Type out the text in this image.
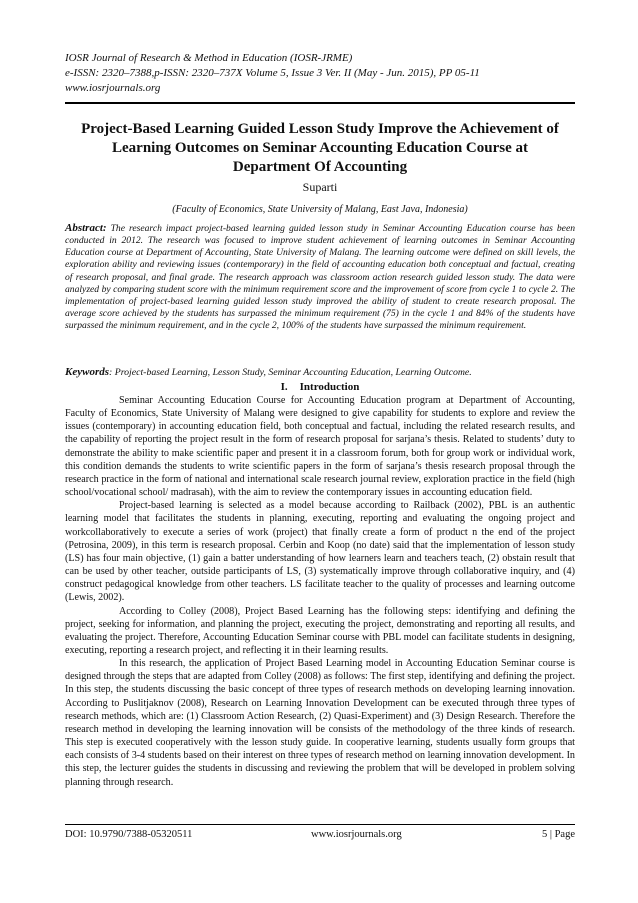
IOSR Journal of Research & Method in Education (IOSR-JRME)
e-ISSN: 2320–7388,p-ISSN: 2320–737X Volume 5, Issue 3 Ver. II (May - Jun. 2015), PP 05-11
www.iosrjournals.org
Project-Based Learning Guided Lesson Study Improve the Achievement of Learning Outcomes on Seminar Accounting Education Course at Department Of Accounting
Suparti
(Faculty of Economics, State University of Malang, East Java, Indonesia)
Abstract: The research impact project-based learning guided lesson study in Seminar Accounting Education course has been conducted in 2012. The research was focused to improve student achievement of learning outcomes in Seminar Accounting Education course at Department of Accounting, State University of Malang. The learning outcome were defined on skill levels, the exploration ability and reviewing issues (contemporary) in the field of accounting education both conceptual and factual, creating of research proposal, and final grade. The research approach was classroom action research guided lesson study. The data were analyzed by comparing student score with the minimum requirement score and the improvement of score from cycle 1 to cycle 2. The implementation of project-based learning guided lesson study improved the ability of student to create research proposal. The average score achieved by the students has surpassed the minimum requirement (75) in the cycle 1 and 84% of the students have surpassed the minimum requirement, and in the cycle 2, 100% of the students have surpassed the minimum requirement.
Keywords: Project-based Learning, Lesson Study, Seminar Accounting Education, Learning Outcome.
I. Introduction

Seminar Accounting Education Course for Accounting Education program at Department of Accounting, Faculty of Economics, State University of Malang were designed to give capability for students to explore and review the issues (contemporary) in accounting education field, both conceptual and factual, including the related research results, and the capability of reporting the project result in the form of research proposal for sarjana’s thesis. Related to students’ duty to demonstrate the ability to make scientific paper and present it in a classroom forum, both for group work or individual work, this condition demands the students to write scientific papers in the form of sarjana’s thesis research proposal through the research practice in the form of national and international scale research journal review, exploration practice in the field (high school/vocational school/ madrasah), with the aim to review the contemporary issues in accounting education field.

Project-based learning is selected as a model because according to Railback (2002), PBL is an authentic learning model that facilitates the students in planning, executing, reporting and evaluating the ongoing project and workcollaboratively to execute a series of work (project) that finally create a form of product n the end of the project (Petrosina, 2009), in this term is research proposal. Cerbin and Koop (no date) said that the implementation of lesson study (LS) has four main objective, (1) gain a batter understanding of how learners learn and teachers teach, (2) obstain result that can be used by other teacher, outside participants of LS, (3) systematically improve through collaborative inquiry, and (4) construct pedagogical knowledge from other teachers. LS facilitate teacher to the quality of processes and learning outcome (Lewis, 2002).

According to Colley (2008), Project Based Learning has the following steps: identifying and defining the project, seeking for information, and planning the project, executing the project, demonstrating and reporting all results, and evaluating the project. Therefore, Accounting Education Seminar course with PBL model can facilitate students in designing, executing, reporting a research project, and reflecting it in their learning results.

In this research, the application of Project Based Learning model in Accounting Education Seminar course is designed through the steps that are adapted from Colley (2008) as follows: The first step, identifying and defining the project. In this step, the students discussing the basic concept of three types of research methods on developing learning innovation. According to Puslitjaknov (2008), Research on Learning Innovation Development can be executed through three types of research methods, which are: (1) Classroom Action Research, (2) Quasi-Experiment) and (3) Design Research. Therefore the research method in developing the learning innovation will be consists of the methodology of the three kinds of research. This step is executed cooperatively with the lesson study guide. In cooperative learning, students usually form groups that each consists of 3-4 students based on their interest on three types of research method on learning innovation development. In this step, the lecturer guides the students in discussing and reviewing the problem that will be developed in problem solving planning through research.

DOI: 10.9790/7388-05320511	www.iosrjournals.org	5 | Page
